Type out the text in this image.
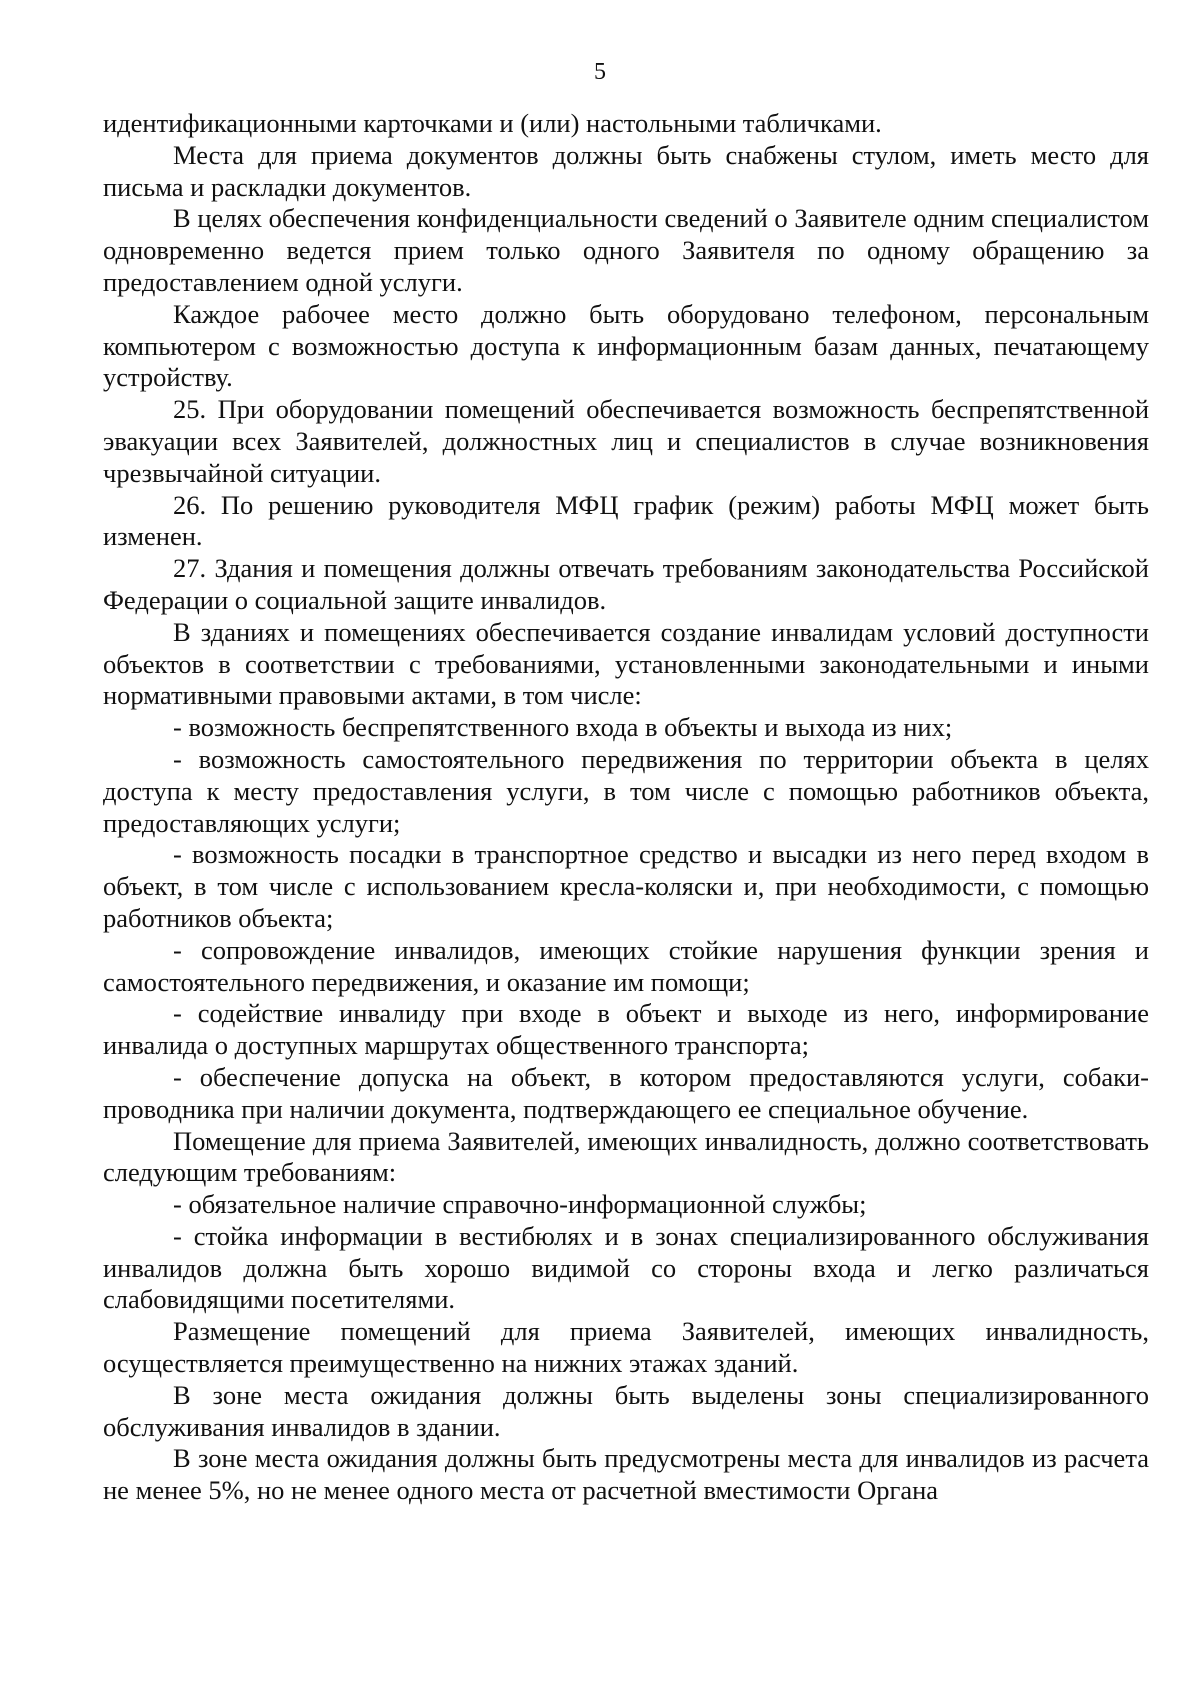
5

идентификационными карточками и (или) настольными табличками.

Места для приема документов должны быть снабжены стулом, иметь место для письма и раскладки документов.

В целях обеспечения конфиденциальности сведений о Заявителе одним специалистом одновременно ведется прием только одного Заявителя по одному обращению за предоставлением одной услуги.

Каждое рабочее место должно быть оборудовано телефоном, персональным компьютером с возможностью доступа к информационным базам данных, печатающему устройству.

25. При оборудовании помещений обеспечивается возможность беспрепятственной эвакуации всех Заявителей, должностных лиц и специалистов в случае возникновения чрезвычайной ситуации.

26. По решению руководителя МФЦ график (режим) работы МФЦ может быть изменен.

27. Здания и помещения должны отвечать требованиям законодательства Российской Федерации о социальной защите инвалидов.

В зданиях и помещениях обеспечивается создание инвалидам условий доступности объектов в соответствии с требованиями, установленными законодательными и иными нормативными правовыми актами, в том числе:

- возможность беспрепятственного входа в объекты и выхода из них;

- возможность самостоятельного передвижения по территории объекта в целях доступа к месту предоставления услуги, в том числе с помощью работников объекта, предоставляющих услуги;

- возможность посадки в транспортное средство и высадки из него перед входом в объект, в том числе с использованием кресла-коляски и, при необходимости, с помощью работников объекта;

- сопровождение инвалидов, имеющих стойкие нарушения функции зрения и самостоятельного передвижения, и оказание им помощи;

- содействие инвалиду при входе в объект и выходе из него, информирование инвалида о доступных маршрутах общественного транспорта;

- обеспечение допуска на объект, в котором предоставляются услуги, собаки-проводника при наличии документа, подтверждающего ее специальное обучение.

Помещение для приема Заявителей, имеющих инвалидность, должно соответствовать следующим требованиям:

- обязательное наличие справочно-информационной службы;

- стойка информации в вестибюлях и в зонах специализированного обслуживания инвалидов должна быть хорошо видимой со стороны входа и легко различаться слабовидящими посетителями.

Размещение помещений для приема Заявителей, имеющих инвалидность, осуществляется преимущественно на нижних этажах зданий.

В зоне места ожидания должны быть выделены зоны специализированного обслуживания инвалидов в здании.

В зоне места ожидания должны быть предусмотрены места для инвалидов из расчета не менее 5%, но не менее одного места от расчетной вместимости Органа
